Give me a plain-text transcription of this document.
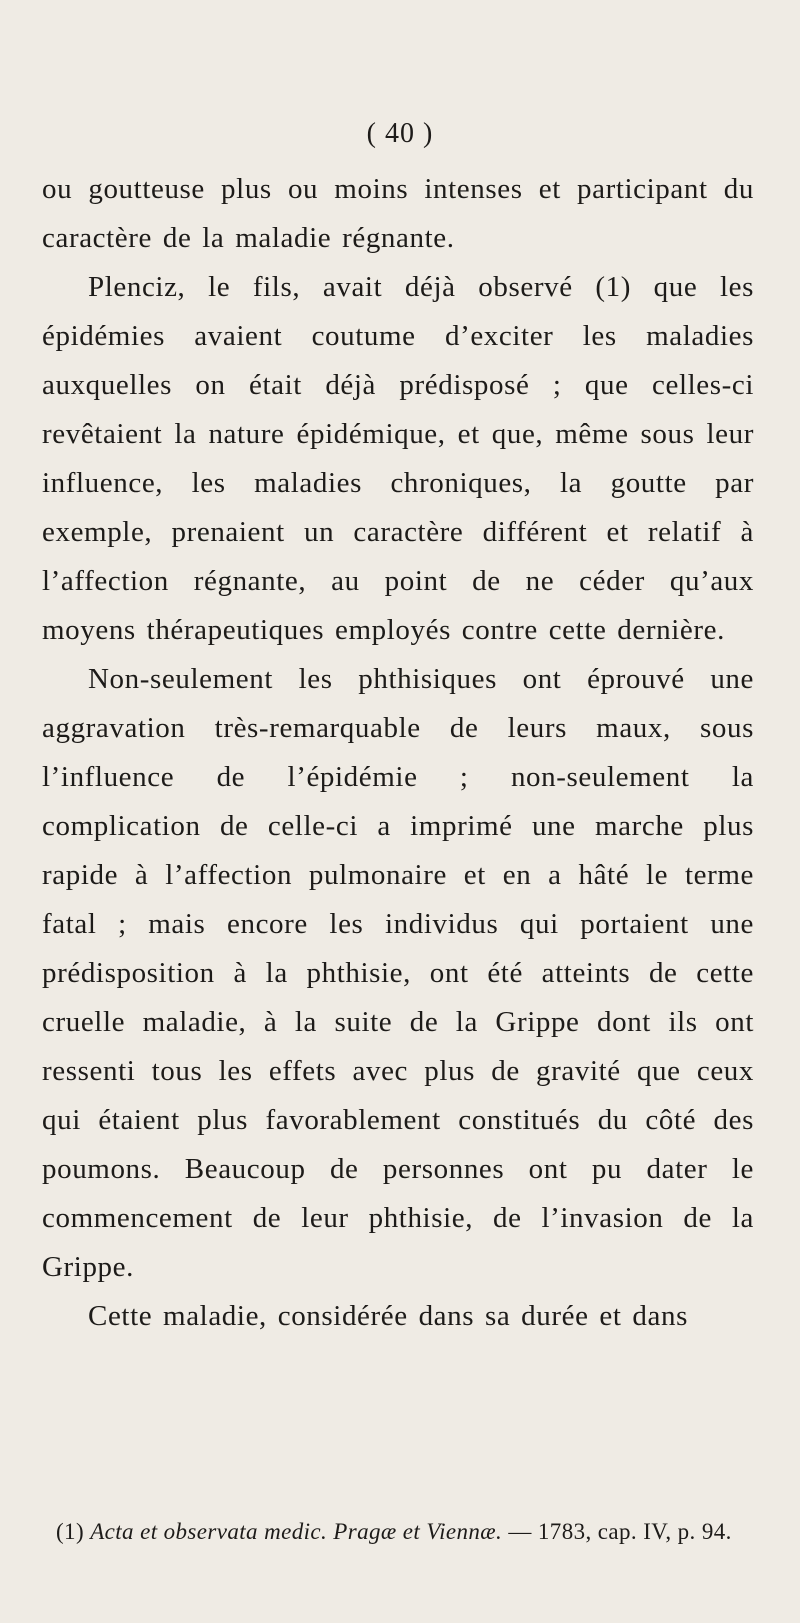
( 40 )

ou goutteuse plus ou moins intenses et participant du caractère de la maladie régnante.

Plenciz, le fils, avait déjà observé (1) que les épidémies avaient coutume d’exciter les maladies auxquelles on était déjà prédisposé ; que celles-ci revêtaient la nature épidémique, et que, même sous leur influence, les maladies chroniques, la goutte par exemple, prenaient un caractère différent et relatif à l’affection régnante, au point de ne céder qu’aux moyens thérapeutiques employés contre cette dernière.

Non-seulement les phthisiques ont éprouvé une aggravation très-remarquable de leurs maux, sous l’influence de l’épidémie ; non-seulement la complication de celle-ci a imprimé une marche plus rapide à l’affection pulmonaire et en a hâté le terme fatal ; mais encore les individus qui portaient une prédisposition à la phthisie, ont été atteints de cette cruelle maladie, à la suite de la Grippe dont ils ont ressenti tous les effets avec plus de gravité que ceux qui étaient plus favorablement constitués du côté des poumons. Beaucoup de personnes ont pu dater le commencement de leur phthisie, de l’invasion de la Grippe.

Cette maladie, considérée dans sa durée et dans

(1) Acta et observata medic. Pragæ et Viennæ. — 1783, cap. IV, p. 94.
